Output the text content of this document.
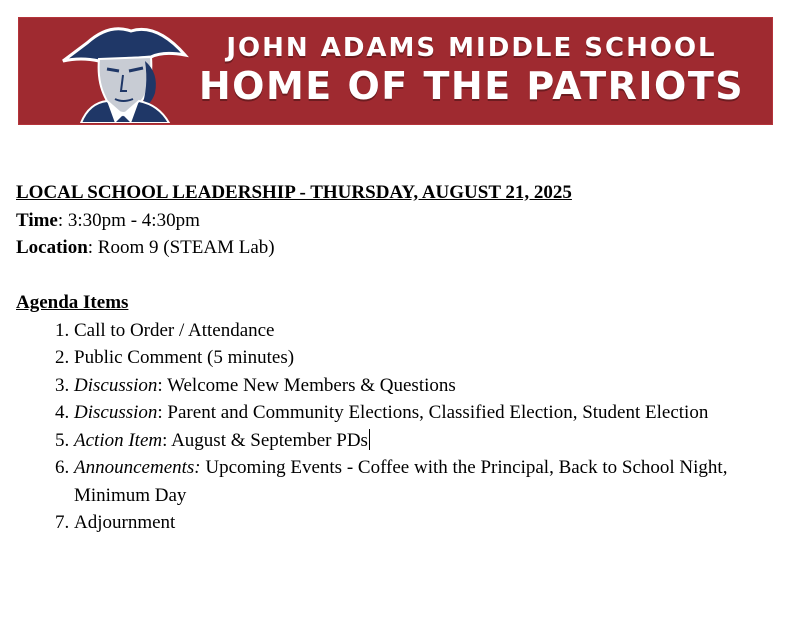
JOHN ADAMS MIDDLE SCHOOL
HOME OF THE PATRIOTS
LOCAL SCHOOL LEADERSHIP - THURSDAY, AUGUST 21, 2025
Time: 3:30pm - 4:30pm
Location: Room 9 (STEAM Lab)
Agenda Items
1. Call to Order / Attendance
2. Public Comment (5 minutes)
3. Discussion: Welcome New Members & Questions
4. Discussion: Parent and Community Elections, Classified Election, Student Election
5. Action Item: August & September PDs
6. Announcements: Upcoming Events - Coffee with the Principal, Back to School Night, Minimum Day
7. Adjournment
